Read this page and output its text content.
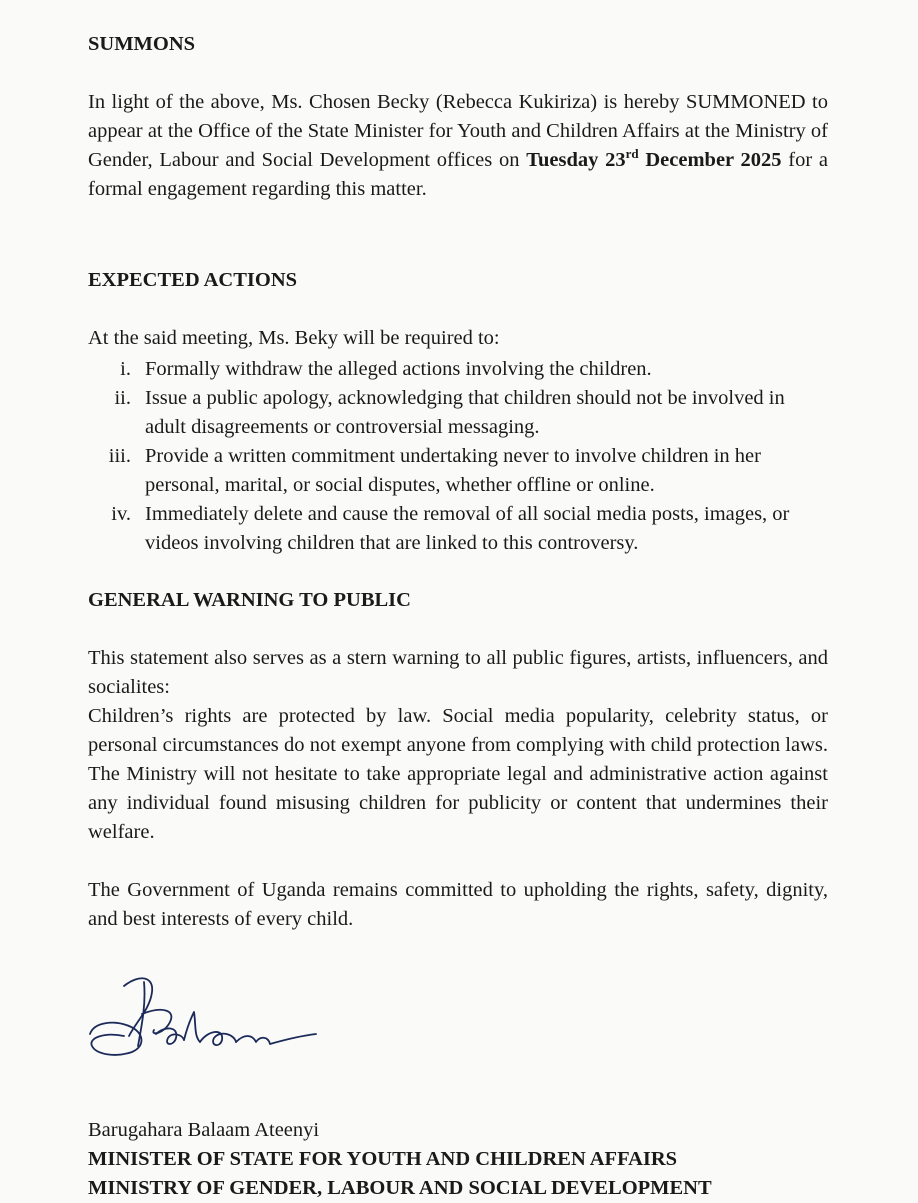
SUMMONS

In light of the above, Ms. Chosen Becky (Rebecca Kukiriza) is hereby SUMMONED to appear at the Office of the State Minister for Youth and Children Affairs at the Ministry of Gender, Labour and Social Development offices on Tuesday 23rd December 2025 for a formal engagement regarding this matter.

EXPECTED ACTIONS

At the said meeting, Ms. Beky will be required to:

i. Formally withdraw the alleged actions involving the children.
ii. Issue a public apology, acknowledging that children should not be involved in adult disagreements or controversial messaging.
iii. Provide a written commitment undertaking never to involve children in her personal, marital, or social disputes, whether offline or online.
iv. Immediately delete and cause the removal of all social media posts, images, or videos involving children that are linked to this controversy.

GENERAL WARNING TO PUBLIC

This statement also serves as a stern warning to all public figures, artists, influencers, and socialites:

Children’s rights are protected by law. Social media popularity, celebrity status, or personal circumstances do not exempt anyone from complying with child protection laws. The Ministry will not hesitate to take appropriate legal and administrative action against any individual found misusing children for publicity or content that undermines their welfare.

The Government of Uganda remains committed to upholding the rights, safety, dignity, and best interests of every child.

Barugahara Balaam Ateenyi

MINISTER OF STATE FOR YOUTH AND CHILDREN AFFAIRS

MINISTRY OF GENDER, LABOUR AND SOCIAL DEVELOPMENT
